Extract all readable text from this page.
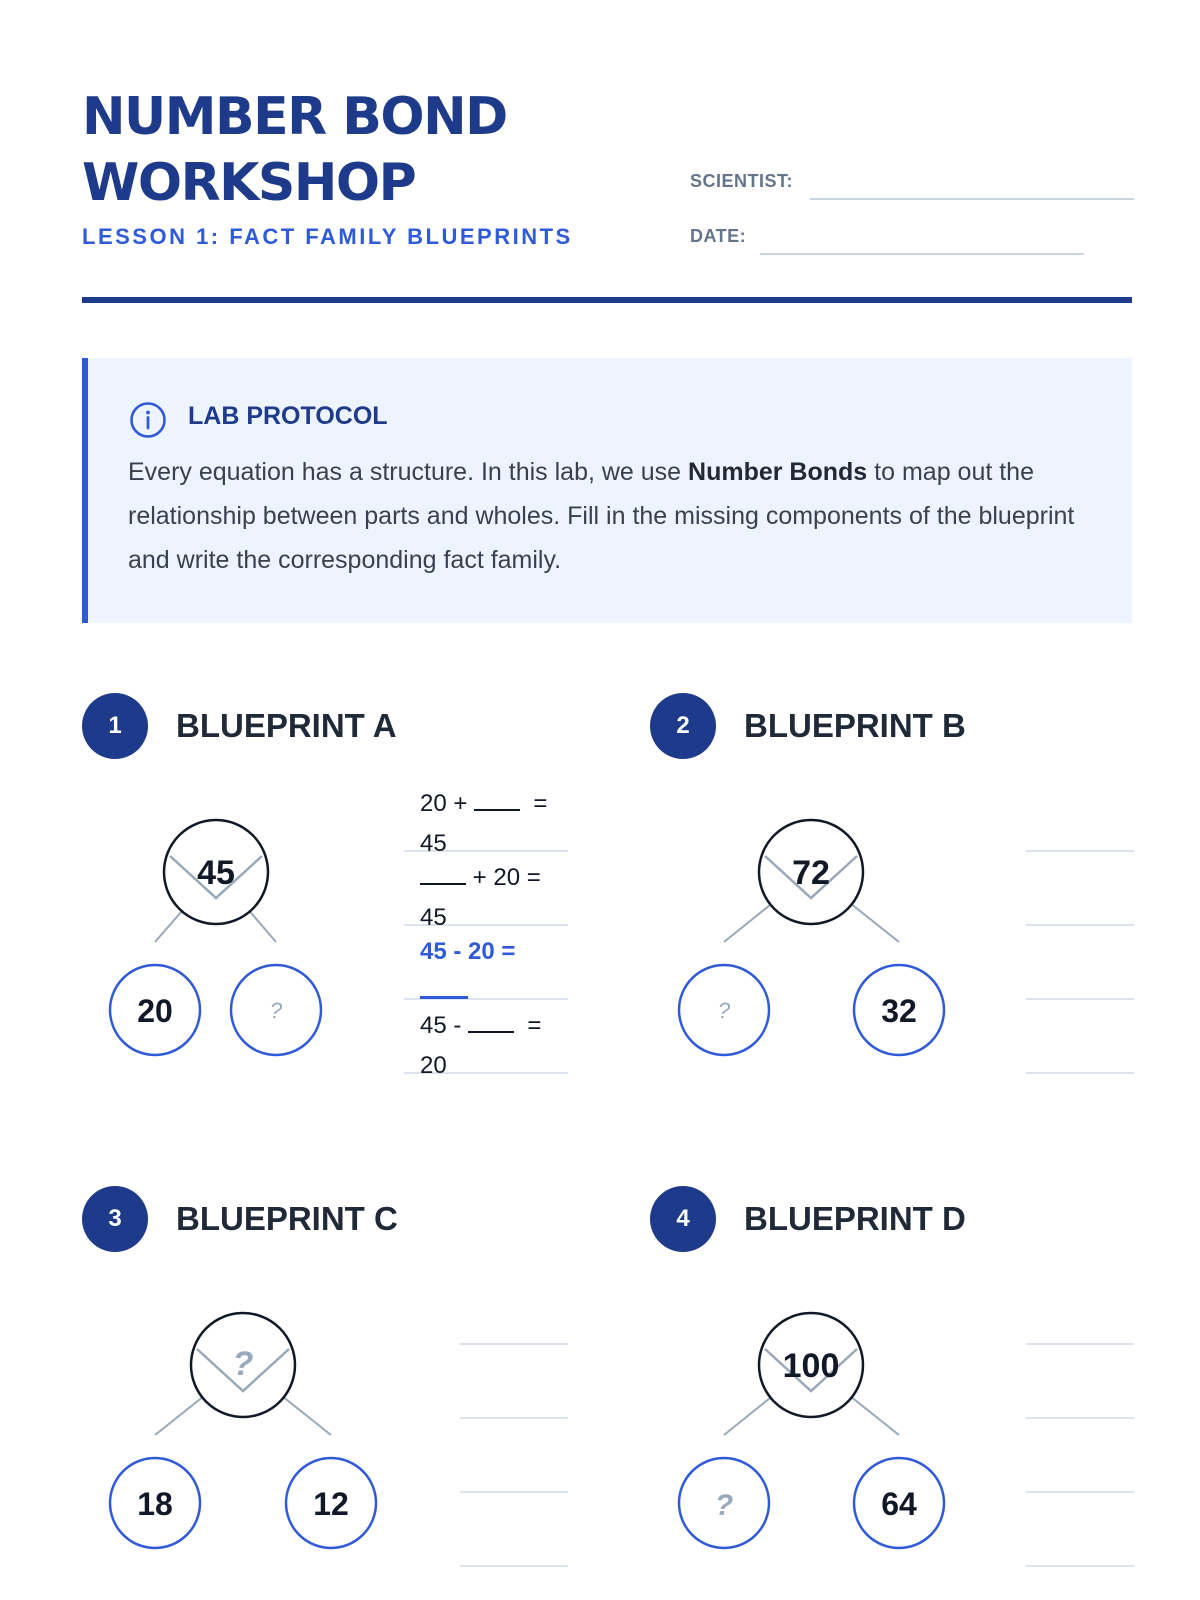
NUMBER BOND
WORKSHOP
LESSON 1: FACT FAMILY BLUEPRINTS
SCIENTIST:
DATE:
LAB PROTOCOL
Every equation has a structure. In this lab, we use Number Bonds to map out the relationship between parts and wholes. Fill in the missing components of the blueprint and write the corresponding fact family.
1	BLUEPRINT A
45
20	?
20 +	=
45
+ 20 =
45
45 - 20 =

45 -	=
20
2	BLUEPRINT B
72
?	32
3	BLUEPRINT C
?
18	12
4	BLUEPRINT D
100
?	64
